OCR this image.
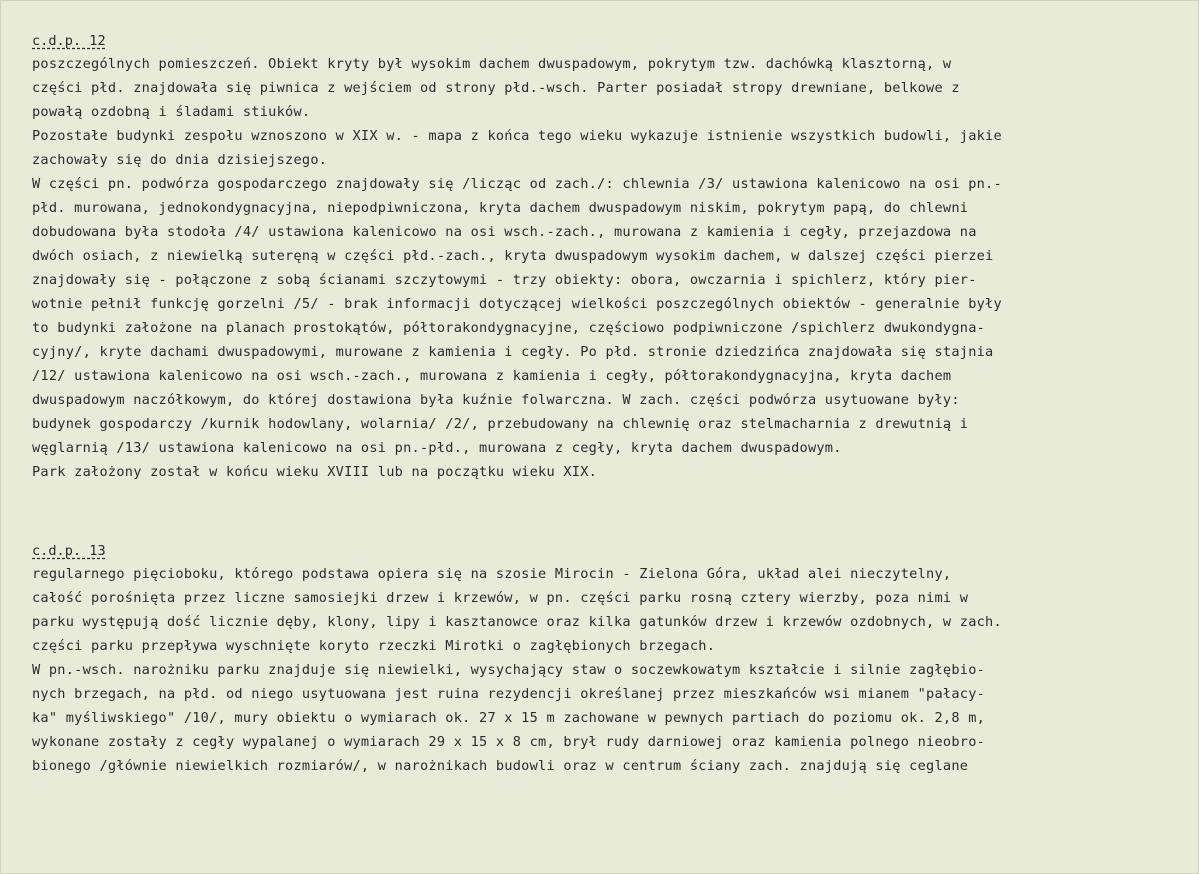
c.d.p. 12
poszczególnych pomieszczeń. Obiekt kryty był wysokim dachem dwuspadowym, pokrytym tzw. dachówką klasztorną, w
części płd. znajdowała się piwnica z wejściem od strony płd.-wsch. Parter posiadał stropy drewniane, belkowe z
powałą ozdobną i śladami stiuków.
Pozostałe budynki zespołu wznoszono w XIX w. - mapa z końca tego wieku wykazuje istnienie wszystkich budowli, jakie
zachowały się do dnia dzisiejszego.
W części pn. podwórza gospodarczego znajdowały się /licząc od zach./: chlewnia /3/ ustawiona kalenicowo na osi pn.-
płd. murowana, jednokondygnacyjna, niepodpiwniczona, kryta dachem dwuspadowym niskim, pokrytym papą, do chlewni
dobudowana była stodoła /4/ ustawiona kalenicowo na osi wsch.-zach., murowana z kamienia i cegły, przejazdowa na
dwóch osiach, z niewielką suteręną w części płd.-zach., kryta dwuspadowym wysokim dachem, w dalszej części pierzei
znajdowały się - połączone z sobą ścianami szczytowymi - trzy obiekty: obora, owczarnia i spichlerz, który pier-
wotnie pełnił funkcję gorzelni /5/ - brak informacji dotyczącej wielkości poszczególnych obiektów - generalnie były
to budynki założone na planach prostokątów, półtorakondygnacyjne, częściowo podpiwniczone /spichlerz dwukondygna-
cyjny/, kryte dachami dwuspadowymi, murowane z kamienia i cegły. Po płd. stronie dziedzińca znajdowała się stajnia
/12/ ustawiona kalenicowo na osi wsch.-zach., murowana z kamienia i cegły, półtorakondygnacyjna, kryta dachem
dwuspadowym naczółkowym, do której dostawiona była kuźnie folwarczna. W zach. części podwórza usytuowane były:
budynek gospodarczy /kurnik hodowlany, wolarnia/ /2/, przebudowany na chlewnię oraz stelmacharnia z drewutnią i
węglarnią /13/ ustawiona kalenicowo na osi pn.-płd., murowana z cegły, kryta dachem dwuspadowym.
Park założony został w końcu wieku XVIII lub na początku wieku XIX.
c.d.p. 13
regularnego pięcioboku, którego podstawa opiera się na szosie Mirocin - Zielona Góra, układ alei nieczytelny,
całość porośnięta przez liczne samosiejki drzew i krzewów, w pn. części parku rosną cztery wierzby, poza nimi w
parku występują dość licznie dęby, klony, lipy i kasztanowce oraz kilka gatunków drzew i krzewów ozdobnych, w zach.
części parku przepływa wyschnięte koryto rzeczki Mirotki o zagłębionych brzegach.
W pn.-wsch. narożniku parku znajduje się niewielki, wysychający staw o soczewkowatym kształcie i silnie zagłębio-
nych brzegach, na płd. od niego usytuowana jest ruina rezydencji określanej przez mieszkańców wsi mianem "pałacy-
ka" myśliwskiego" /10/, mury obiektu o wymiarach ok. 27 x 15 m zachowane w pewnych partiach do poziomu ok. 2,8 m,
wykonane zostały z cegły wypalanej o wymiarach 29 x 15 x 8 cm, brył rudy darniowej oraz kamienia polnego nieobro-
bionego /głównie niewielkich rozmiarów/, w narożnikach budowli oraz w centrum ściany zach. znajdują się ceglane
